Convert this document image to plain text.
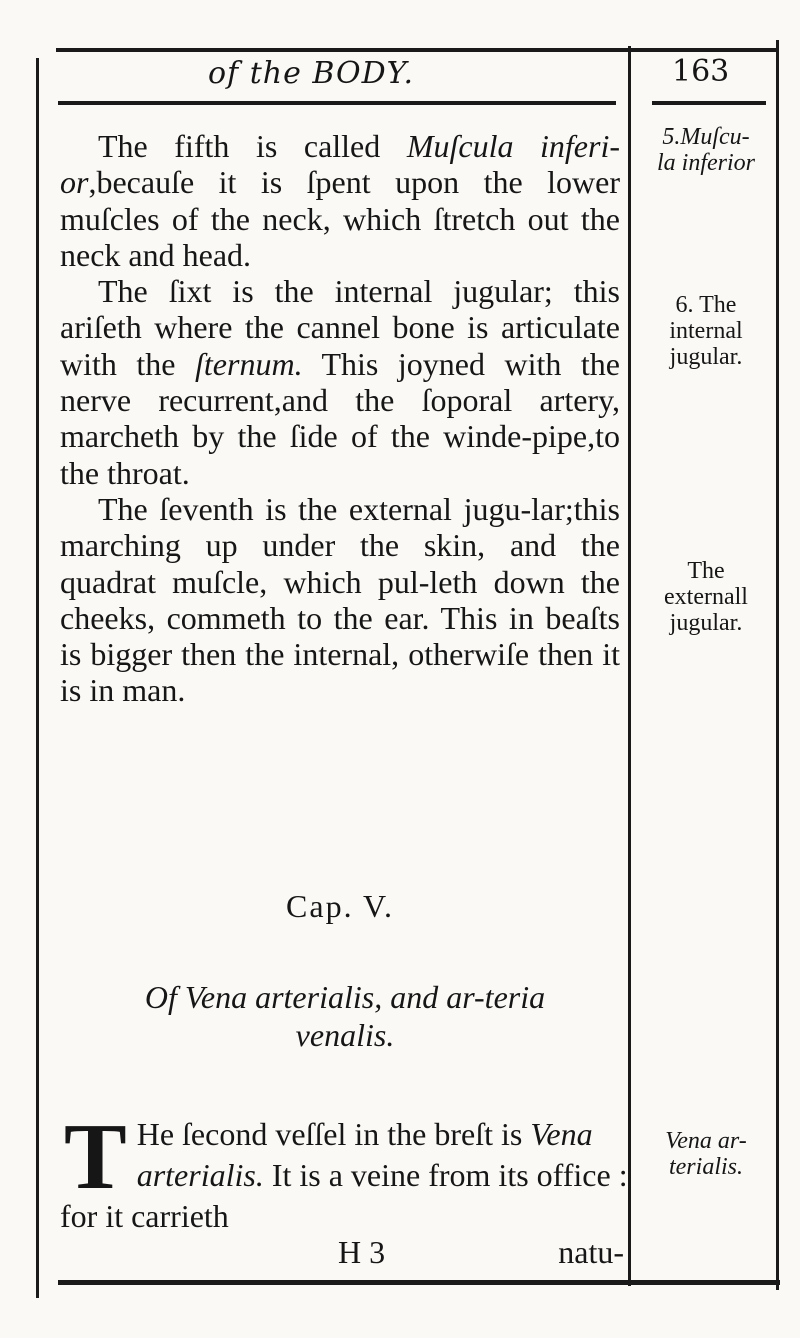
of the BODY.	163

The fifth is called Muſcula inferi-or,becauſe it is ſpent upon the lower muſcles of the neck, which ſtretch out the neck and head.

The ſixt is the internal jugular; this ariſeth where the cannel bone is articulate with the ſternum. This joyned with the nerve recurrent,and the ſoporal artery, marcheth by the ſide of the winde-pipe,to the throat.

The ſeventh is the external jugu-lar;this marching up under the skin, and the quadrat muſcle, which pul-leth down the cheeks, commeth to the ear. This in beaſts is bigger then the internal, otherwiſe then it is in man.

5.Muſcu-
la inferior
6. The
internal
jugular.
The
externall
jugular.
Vena ar-
terialis.
Cap. V.
Of Vena arterialis, and ar-teria venalis.
T He ſecond veſſel in the breſt is Vena arterialis. It is a veine from its office : for it carrieth
H 3	natu-
